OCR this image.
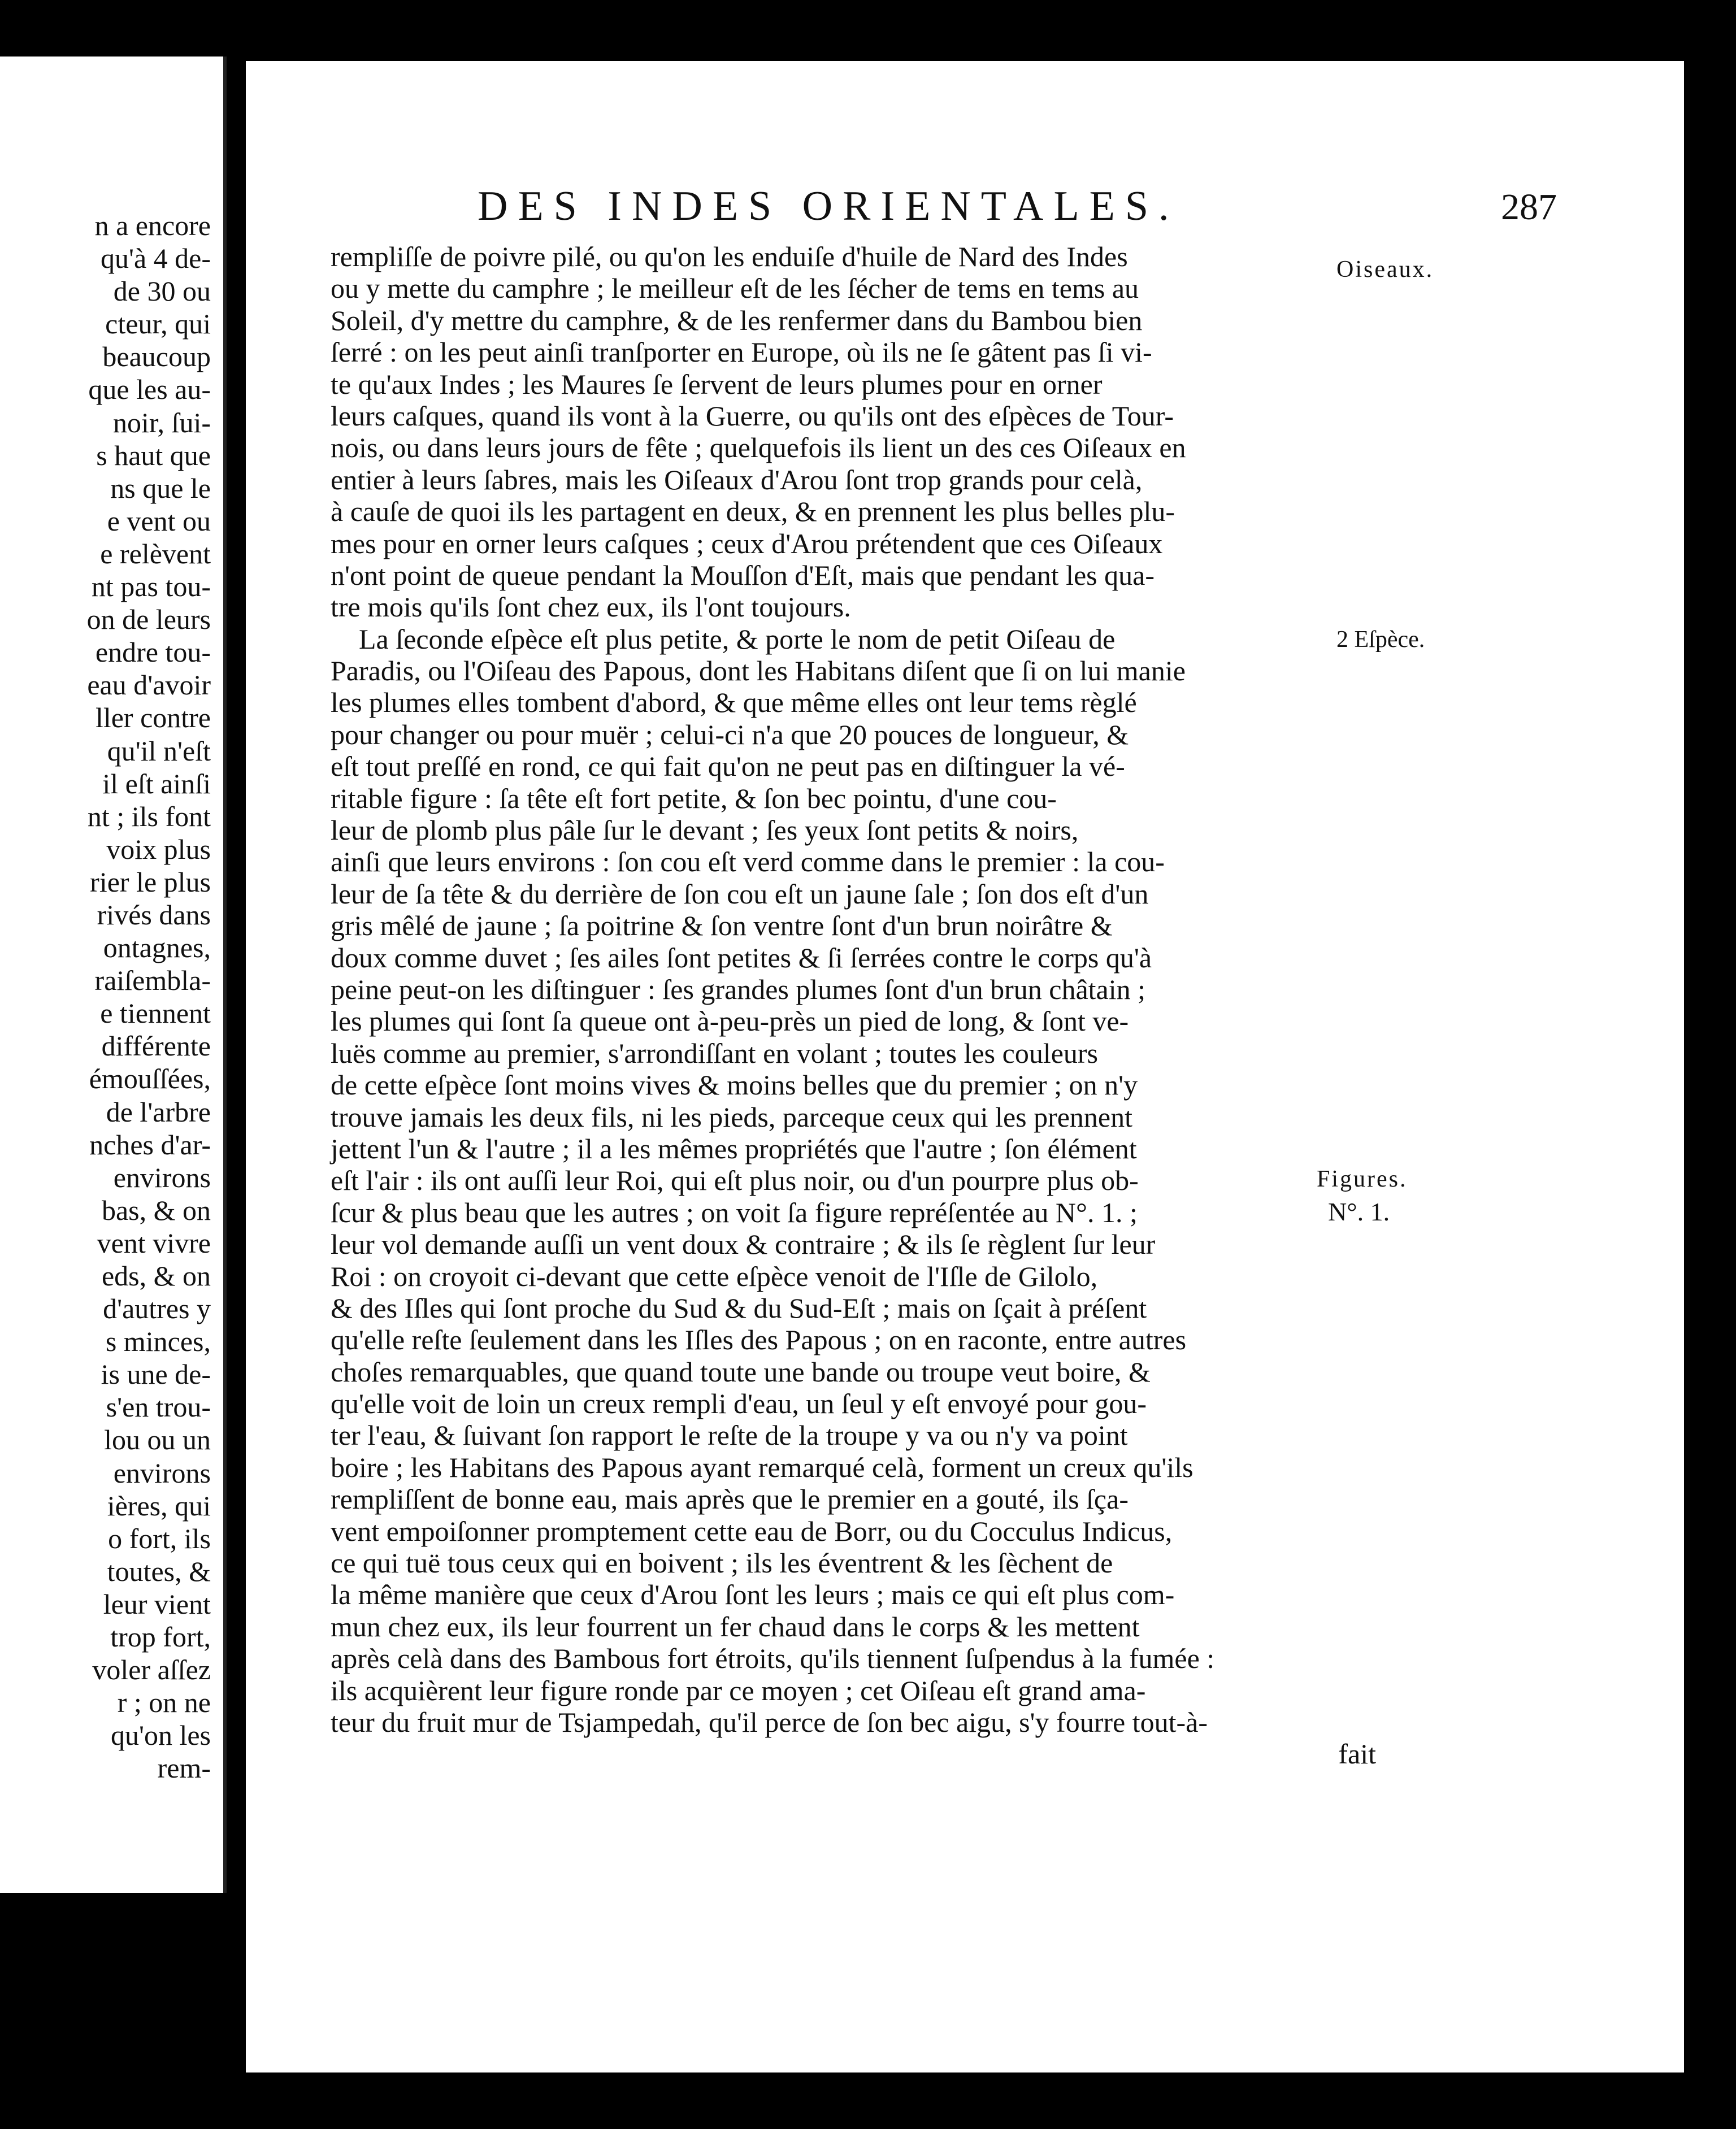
n a encore
qu'à 4 de-
de 30 ou
cteur, qui
beaucoup
que les au-
noir, ſui-
s haut que
ns que le
e vent ou
e relèvent
nt pas tou-
on de leurs
endre tou-
eau d'avoir
ller contre
qu'il n'eſt
il eſt ainſi
nt ; ils font
voix plus
rier le plus
rivés dans
ontagnes,
raiſembla-
e tiennent
différente
émouſſées,
de l'arbre
nches d'ar-
environs
bas, & on
vent vivre
eds, & on
d'autres y
s minces,
is une de-
s'en trou-
lou ou un
environs
ières, qui
o fort, ils
toutes, &
leur vient
trop fort,
voler aſſez
r ; on ne
qu'on les
rem-
DES INDES ORIENTALES.	287
rempliſſe de poivre pilé, ou qu'on les enduiſe d'huile de Nard des Indes
ou y mette du camphre ; le meilleur eſt de les ſécher de tems en tems au
Soleil, d'y mettre du camphre, & de les renfermer dans du Bambou bien
ſerré : on les peut ainſi tranſporter en Europe, où ils ne ſe gâtent pas ſi vi-
te qu'aux Indes ; les Maures ſe ſervent de leurs plumes pour en orner
leurs caſques, quand ils vont à la Guerre, ou qu'ils ont des eſpèces de Tour-
nois, ou dans leurs jours de fête ; quelquefois ils lient un des ces Oiſeaux en
entier à leurs ſabres, mais les Oiſeaux d'Arou ſont trop grands pour celà,
à cauſe de quoi ils les partagent en deux, & en prennent les plus belles plu-
mes pour en orner leurs caſques ; ceux d'Arou prétendent que ces Oiſeaux
n'ont point de queue pendant la Mouſſon d'Eſt, mais que pendant les qua-
tre mois qu'ils ſont chez eux, ils l'ont toujours.
La ſeconde eſpèce eſt plus petite, & porte le nom de petit Oiſeau de
Paradis, ou l'Oiſeau des Papous, dont les Habitans diſent que ſi on lui manie
les plumes elles tombent d'abord, & que même elles ont leur tems règlé
pour changer ou pour muër ; celui-ci n'a que 20 pouces de longueur, &
eſt tout preſſé en rond, ce qui fait qu'on ne peut pas en diſtinguer la vé-
ritable figure : ſa tête eſt fort petite, & ſon bec pointu, d'une cou-
leur de plomb plus pâle ſur le devant ; ſes yeux ſont petits & noirs,
ainſi que leurs environs : ſon cou eſt verd comme dans le premier : la cou-
leur de ſa tête & du derrière de ſon cou eſt un jaune ſale ; ſon dos eſt d'un
gris mêlé de jaune ; ſa poitrine & ſon ventre ſont d'un brun noirâtre &
doux comme duvet ; ſes ailes ſont petites & ſi ſerrées contre le corps qu'à
peine peut-on les diſtinguer : ſes grandes plumes ſont d'un brun châtain ;
les plumes qui ſont ſa queue ont à-peu-près un pied de long, & ſont ve-
luës comme au premier, s'arrondiſſant en volant ; toutes les couleurs
de cette eſpèce ſont moins vives & moins belles que du premier ; on n'y
trouve jamais les deux fils, ni les pieds, parceque ceux qui les prennent
jettent l'un & l'autre ; il a les mêmes propriétés que l'autre ; ſon élément
eſt l'air : ils ont auſſi leur Roi, qui eſt plus noir, ou d'un pourpre plus ob-
ſcur & plus beau que les autres ; on voit ſa figure repréſentée au N°. 1. ;
leur vol demande auſſi un vent doux & contraire ; & ils ſe règlent ſur leur
Roi : on croyoit ci-devant que cette eſpèce venoit de l'Iſle de Gilolo,
& des Iſles qui ſont proche du Sud & du Sud-Eſt ; mais on ſçait à préſent
qu'elle reſte ſeulement dans les Iſles des Papous ; on en raconte, entre autres
choſes remarquables, que quand toute une bande ou troupe veut boire, &
qu'elle voit de loin un creux rempli d'eau, un ſeul y eſt envoyé pour gou-
ter l'eau, & ſuivant ſon rapport le reſte de la troupe y va ou n'y va point
boire ; les Habitans des Papous ayant remarqué celà, forment un creux qu'ils
rempliſſent de bonne eau, mais après que le premier en a gouté, ils ſça-
vent empoiſonner promptement cette eau de Borr, ou du Cocculus Indicus,
ce qui tuë tous ceux qui en boivent ; ils les éventrent & les ſèchent de
la même manière que ceux d'Arou ſont les leurs ; mais ce qui eſt plus com-
mun chez eux, ils leur fourrent un fer chaud dans le corps & les mettent
après celà dans des Bambous fort étroits, qu'ils tiennent ſuſpendus à la fumée :
ils acquièrent leur figure ronde par ce moyen ; cet Oiſeau eſt grand ama-
teur du fruit mur de Tsjampedah, qu'il perce de ſon bec aigu, s'y fourre tout-à-
fait
Oiseaux.
2 Eſpèce.
Figures.
N°. 1.
